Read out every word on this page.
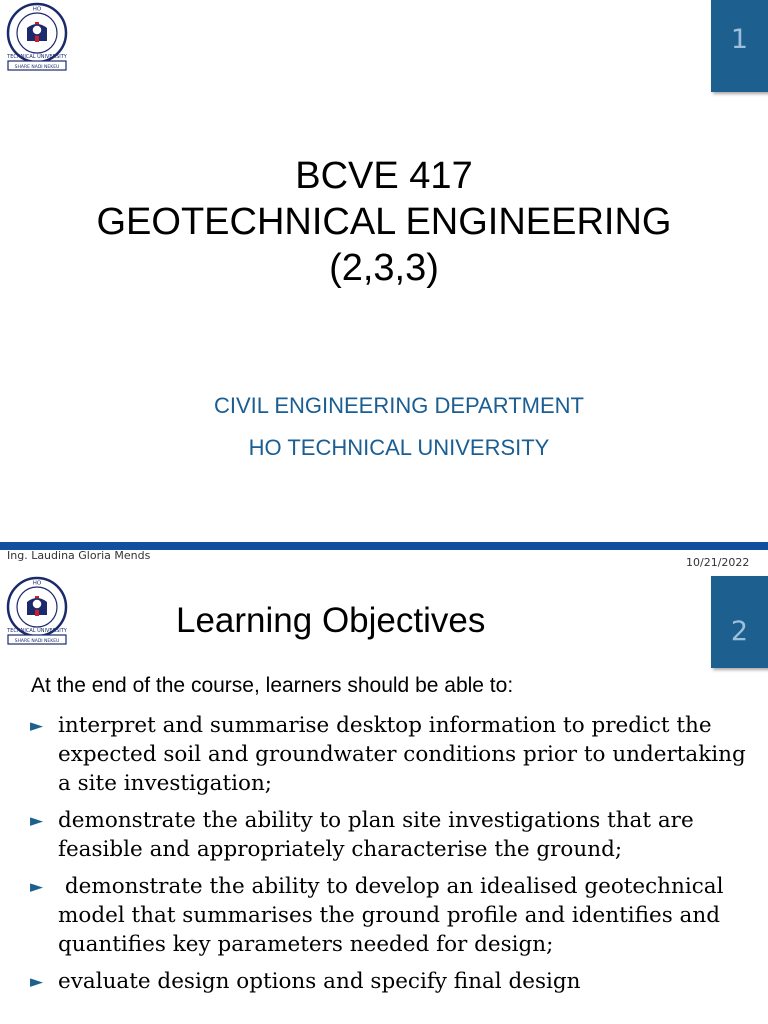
HO
TECHNICAL UNIVERSITY
SHARE NADI NEKEU
1
BCVE 417
GEOTECHNICAL ENGINEERING
(2,3,3)
CIVIL ENGINEERING DEPARTMENT
HO TECHNICAL UNIVERSITY
Ing. Laudina Gloria Mends
10/21/2022
HO
TECHNICAL UNIVERSITY
SHARE NADI NEKEU	2
Learning Objectives
At the end of the course, learners should be able to:
► interpret and summarise desktop information to predict the expected soil and groundwater conditions prior to undertaking a site investigation;
► demonstrate the ability to plan site investigations that are feasible and appropriately characterise the ground;
► demonstrate the ability to develop an idealised geotechnical model that summarises the ground profile and identifies and quantifies key parameters needed for design;
► evaluate design options and specify final design
